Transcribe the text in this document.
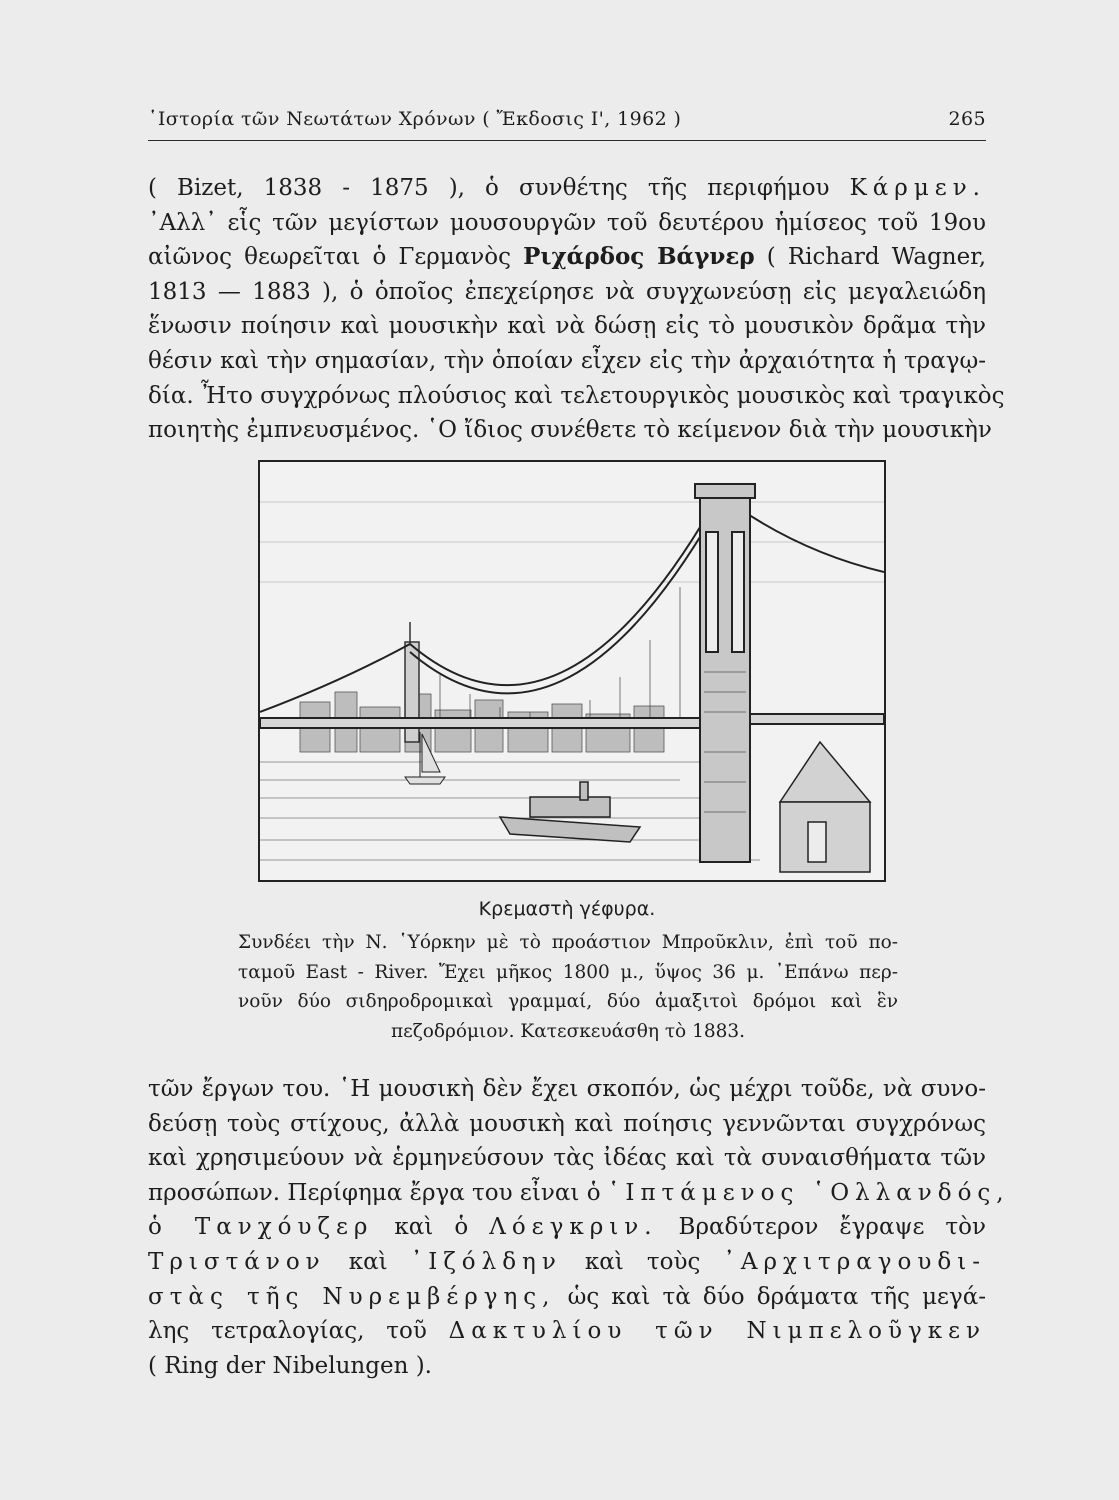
῾Ιστορία τῶν Νεωτάτων Χρόνων ( Ἔκδοσις Ι', 1962 )	265
( Bizet, 1838 - 1875 ), ὁ συνθέτης τῆς περιφήμου Κάρμεν.
᾿Αλλ᾿ εἷς τῶν μεγίστων μουσουργῶν τοῦ δευτέρου ἡμίσεος τοῦ 19ου
αἰῶνος θεωρεῖται ὁ Γερμανὸς Ριχάρδος Βάγνερ ( Richard Wagner,
1813 — 1883 ), ὁ ὁποῖος ἐπεχείρησε νὰ συγχωνεύσῃ εἰς μεγαλειώδη
ἕνωσιν ποίησιν καὶ μουσικὴν καὶ νὰ δώσῃ εἰς τὸ μουσικὸν δρᾶμα τὴν
θέσιν καὶ τὴν σημασίαν, τὴν ὁποίαν εἶχεν εἰς τὴν ἀρχαιότητα ἡ τραγῳ-
δία. Ἦτο συγχρόνως πλούσιος καὶ τελετουργικὸς μουσικὸς καὶ τραγικὸς
ποιητὴς ἐμπνευσμένος. ῾Ο ἴδιος συνέθετε τὸ κείμενον διὰ τὴν μουσικὴν
Κρεμαστὴ γέφυρα.
Συνδέει τὴν Ν. ῾Υόρκην μὲ τὸ προάστιον Μπροῦκλιν, ἐπὶ τοῦ πο-
ταμοῦ East - River. Ἔχει μῆκος 1800 μ., ὕψος 36 μ. ᾿Επάνω περ-
νοῦν δύο σιδηροδρομικαὶ γραμμαί, δύο ἁμαξιτοὶ δρόμοι καὶ ἓν
πεζοδρόμιον. Κατεσκευάσθη τὸ 1883.
τῶν ἔργων του. ῾Η μουσικὴ δὲν ἔχει σκοπόν, ὡς μέχρι τοῦδε, νὰ συνο-
δεύσῃ τοὺς στίχους, ἀλλὰ μουσικὴ καὶ ποίησις γεννῶνται συγχρόνως
καὶ χρησιμεύουν νὰ ἑρμηνεύσουν τὰς ἰδέας καὶ τὰ συναισθήματα τῶν
προσώπων. Περίφημα ἔργα του εἶναι ὁ ῾Ιπτάμενος ῾Ολλανδός,
ὁ Τανχόυζερ καὶ ὁ Λόεγκριν. Βραδύτερον ἔγραψε τὸν
Τριστάνον καὶ ᾿Ιζόλδην καὶ τοὺς ᾿Αρχιτραγουδι-
στὰς τῆς Νυρεμβέργης, ὡς καὶ τὰ δύο δράματα τῆς μεγά-
λης τετραλογίας, τοῦ Δακτυλίου τῶν Νιμπελοῦγκεν
( Ring der Nibelungen ).
